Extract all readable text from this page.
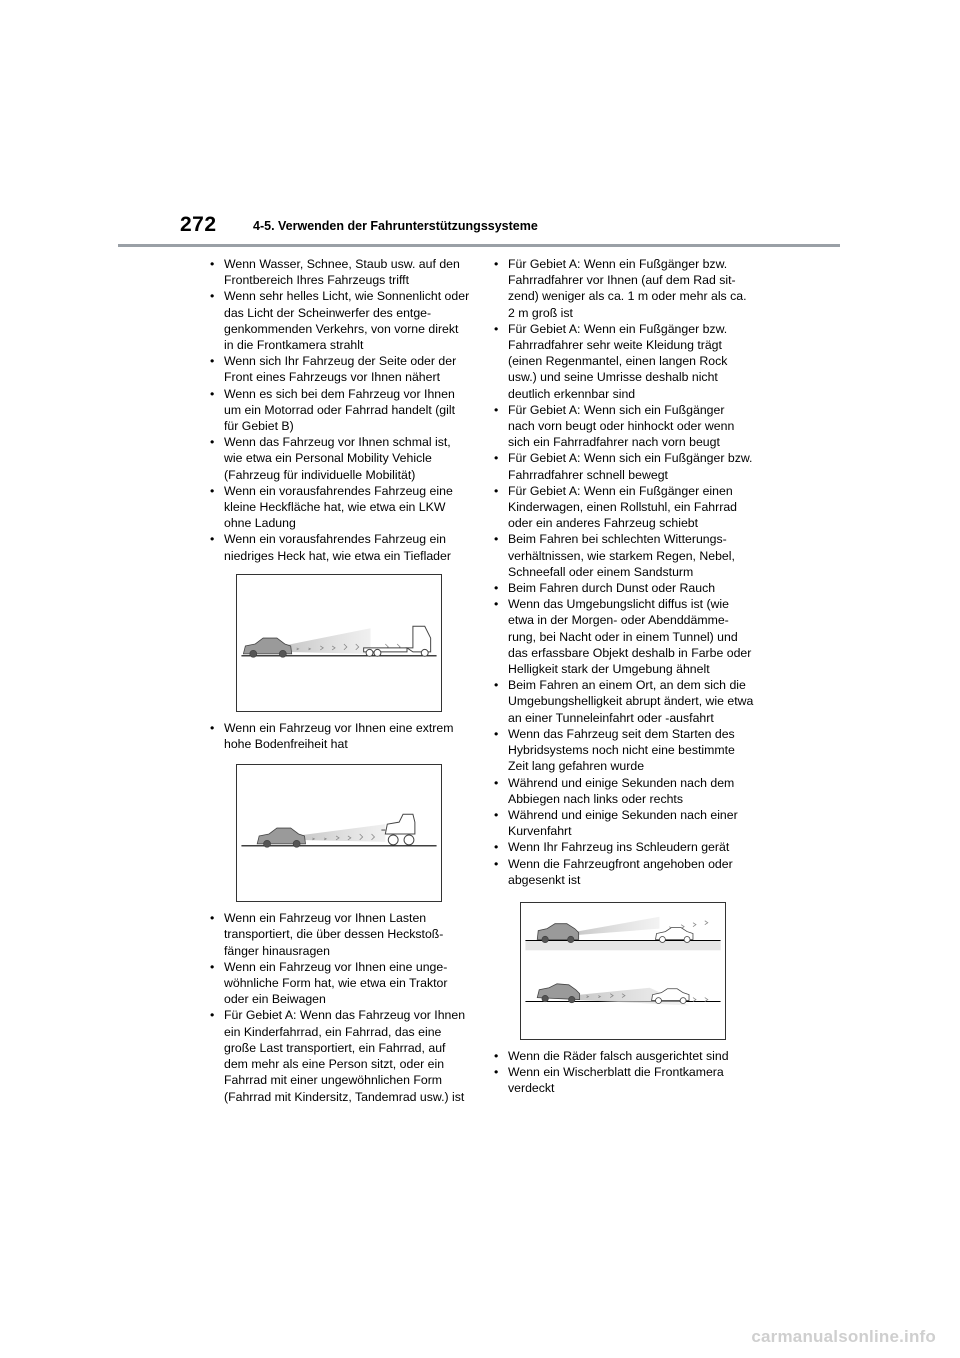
272	4-5. Verwenden der Fahrunterstützungssysteme
• Wenn Wasser, Schnee, Staub usw. auf den Frontbereich Ihres Fahrzeugs trifft
• Wenn sehr helles Licht, wie Sonnenlicht oder das Licht der Scheinwerfer des entge-genkommenden Verkehrs, von vorne direkt in die Frontkamera strahlt
• Wenn sich Ihr Fahrzeug der Seite oder der Front eines Fahrzeugs vor Ihnen nähert
• Wenn es sich bei dem Fahrzeug vor Ihnen um ein Motorrad oder Fahrrad handelt (gilt für Gebiet B)
• Wenn das Fahrzeug vor Ihnen schmal ist, wie etwa ein Personal Mobility Vehicle (Fahrzeug für individuelle Mobilität)
• Wenn ein vorausfahrendes Fahrzeug eine kleine Heckfläche hat, wie etwa ein LKW ohne Ladung
• Wenn ein vorausfahrendes Fahrzeug ein niedriges Heck hat, wie etwa ein Tieflader
• Wenn ein Fahrzeug vor Ihnen eine extrem hohe Bodenfreiheit hat
• Wenn ein Fahrzeug vor Ihnen Lasten transportiert, die über dessen Heckstoß-fänger hinausragen
• Wenn ein Fahrzeug vor Ihnen eine unge-wöhnliche Form hat, wie etwa ein Traktor oder ein Beiwagen
• Für Gebiet A: Wenn das Fahrzeug vor Ihnen ein Kinderfahrrad, ein Fahrrad, das eine große Last transportiert, ein Fahrrad, auf dem mehr als eine Person sitzt, oder ein Fahrrad mit einer ungewöhnlichen Form (Fahrrad mit Kindersitz, Tandemrad usw.) ist
• Für Gebiet A: Wenn ein Fußgänger bzw. Fahrradfahrer vor Ihnen (auf dem Rad sit-zend) weniger als ca. 1 m oder mehr als ca. 2 m groß ist
• Für Gebiet A: Wenn ein Fußgänger bzw. Fahrradfahrer sehr weite Kleidung trägt (einen Regenmantel, einen langen Rock usw.) und seine Umrisse deshalb nicht deutlich erkennbar sind
• Für Gebiet A: Wenn sich ein Fußgänger nach vorn beugt oder hinhockt oder wenn sich ein Fahrradfahrer nach vorn beugt
• Für Gebiet A: Wenn sich ein Fußgänger bzw. Fahrradfahrer schnell bewegt
• Für Gebiet A: Wenn ein Fußgänger einen Kinderwagen, einen Rollstuhl, ein Fahrrad oder ein anderes Fahrzeug schiebt
• Beim Fahren bei schlechten Witterungs-verhältnissen, wie starkem Regen, Nebel, Schneefall oder einem Sandsturm
• Beim Fahren durch Dunst oder Rauch
• Wenn das Umgebungslicht diffus ist (wie etwa in der Morgen- oder Abenddämme-rung, bei Nacht oder in einem Tunnel) und das erfassbare Objekt deshalb in Farbe oder Helligkeit stark der Umgebung ähnelt
• Beim Fahren an einem Ort, an dem sich die Umgebungshelligkeit abrupt ändert, wie etwa an einer Tunneleinfahrt oder -ausfahrt
• Wenn das Fahrzeug seit dem Starten des Hybridsystems noch nicht eine bestimmte Zeit lang gefahren wurde
• Während und einige Sekunden nach dem Abbiegen nach links oder rechts
• Während und einige Sekunden nach einer Kurvenfahrt
• Wenn Ihr Fahrzeug ins Schleudern gerät
• Wenn die Fahrzeugfront angehoben oder abgesenkt ist
• Wenn die Räder falsch ausgerichtet sind
• Wenn ein Wischerblatt die Frontkamera verdeckt
carmanualsonline.info
